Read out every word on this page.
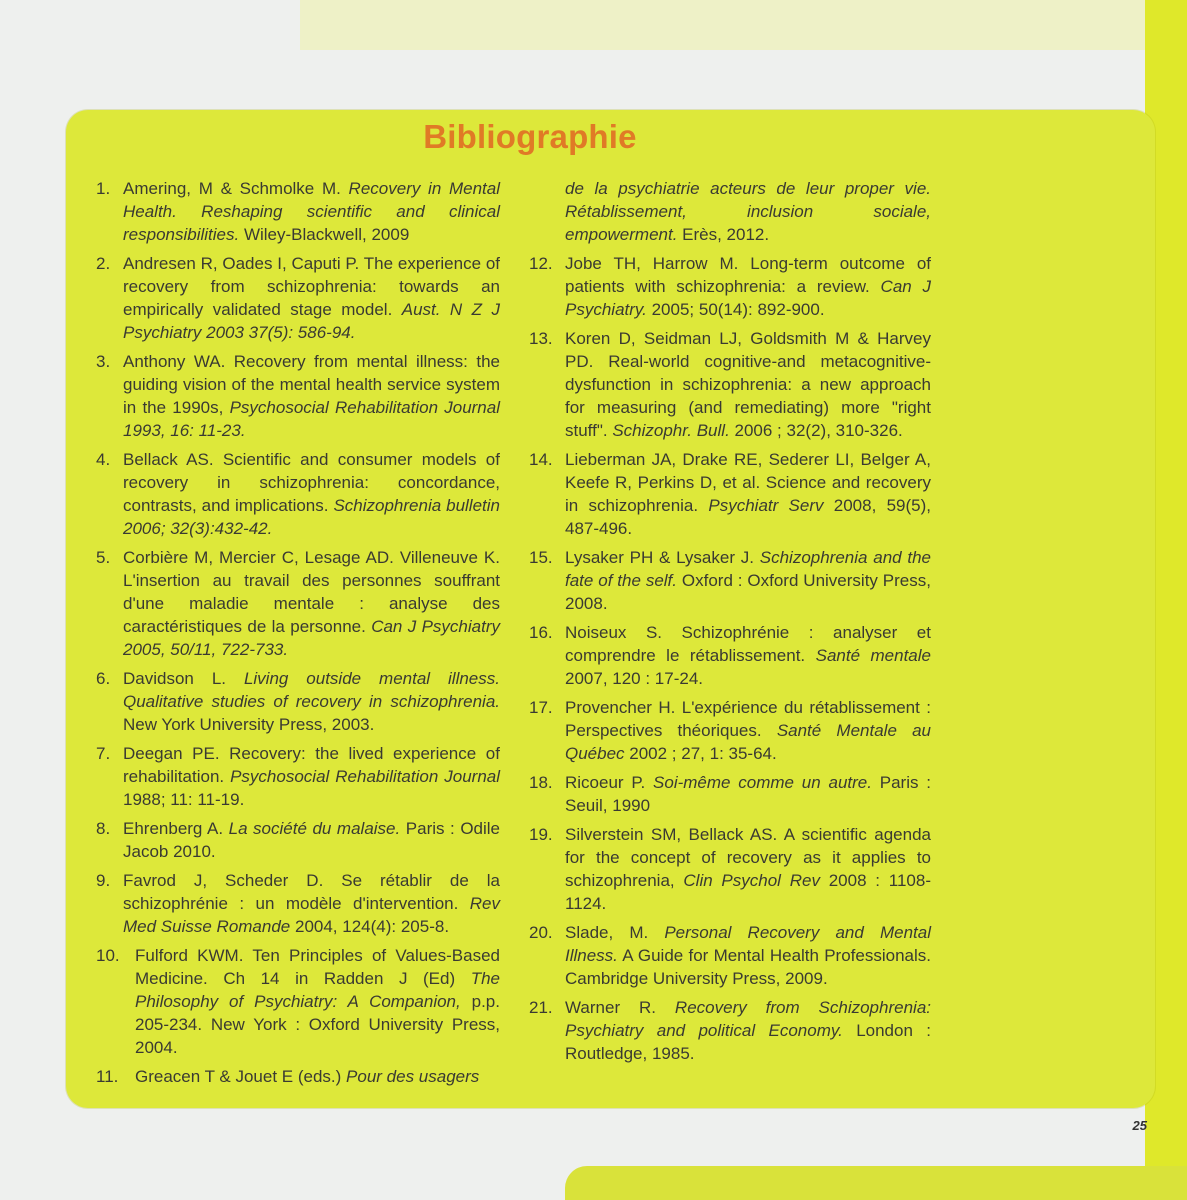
Bibliographie
1. Amering, M & Schmolke M. Recovery in Mental Health. Reshaping scientific and clinical responsibilities. Wiley-Blackwell, 2009
2. Andresen R, Oades I, Caputi P. The experience of recovery from schizophrenia: towards an empirically validated stage model. Aust. N Z J Psychiatry 2003 37(5): 586-94.
3. Anthony WA. Recovery from mental illness: the guiding vision of the mental health service system in the 1990s, Psychosocial Rehabilitation Journal 1993, 16: 11-23.
4. Bellack AS. Scientific and consumer models of recovery in schizophrenia: concordance, contrasts, and implications. Schizophrenia bulletin 2006; 32(3):432-42.
5. Corbière M, Mercier C, Lesage AD. Villeneuve K. L'insertion au travail des personnes souffrant d'une maladie mentale : analyse des caractéristiques de la personne. Can J Psychiatry 2005, 50/11, 722-733.
6. Davidson L. Living outside mental illness. Qualitative studies of recovery in schizophrenia. New York University Press, 2003.
7. Deegan PE. Recovery: the lived experience of rehabilitation. Psychosocial Rehabilitation Journal 1988; 11: 11-19.
8. Ehrenberg A. La société du malaise. Paris : Odile Jacob 2010.
9. Favrod J, Scheder D. Se rétablir de la schizophrénie : un modèle d'intervention. Rev Med Suisse Romande 2004, 124(4): 205-8.
10. Fulford KWM. Ten Principles of Values-Based Medicine. Ch 14 in Radden J (Ed) The Philosophy of Psychiatry: A Companion, p.p. 205-234. New York : Oxford University Press, 2004.
11. Greacen T & Jouet E (eds.) Pour des usagers
de la psychiatrie acteurs de leur proper vie. Rétablissement, inclusion sociale, empowerment. Erès, 2012.
12. Jobe TH, Harrow M. Long-term outcome of patients with schizophrenia: a review. Can J Psychiatry. 2005; 50(14): 892-900.
13. Koren D, Seidman LJ, Goldsmith M & Harvey PD. Real-world cognitive-and metacognitive-dysfunction in schizophrenia: a new approach for measuring (and remediating) more "right stuff". Schizophr. Bull. 2006 ; 32(2), 310-326.
14. Lieberman JA, Drake RE, Sederer LI, Belger A, Keefe R, Perkins D, et al. Science and recovery in schizophrenia. Psychiatr Serv 2008, 59(5), 487-496.
15. Lysaker PH & Lysaker J. Schizophrenia and the fate of the self. Oxford : Oxford University Press, 2008.
16. Noiseux S. Schizophrénie : analyser et comprendre le rétablissement. Santé mentale 2007, 120 : 17-24.
17. Provencher H. L'expérience du rétablissement : Perspectives théoriques. Santé Mentale au Québec 2002 ; 27, 1: 35-64.
18. Ricoeur P. Soi-même comme un autre. Paris : Seuil, 1990
19. Silverstein SM, Bellack AS. A scientific agenda for the concept of recovery as it applies to schizophrenia, Clin Psychol Rev 2008 : 1108-1124.
20. Slade, M. Personal Recovery and Mental Illness. A Guide for Mental Health Professionals. Cambridge University Press, 2009.
21. Warner R. Recovery from Schizophrenia: Psychiatry and political Economy. London : Routledge, 1985.
25
